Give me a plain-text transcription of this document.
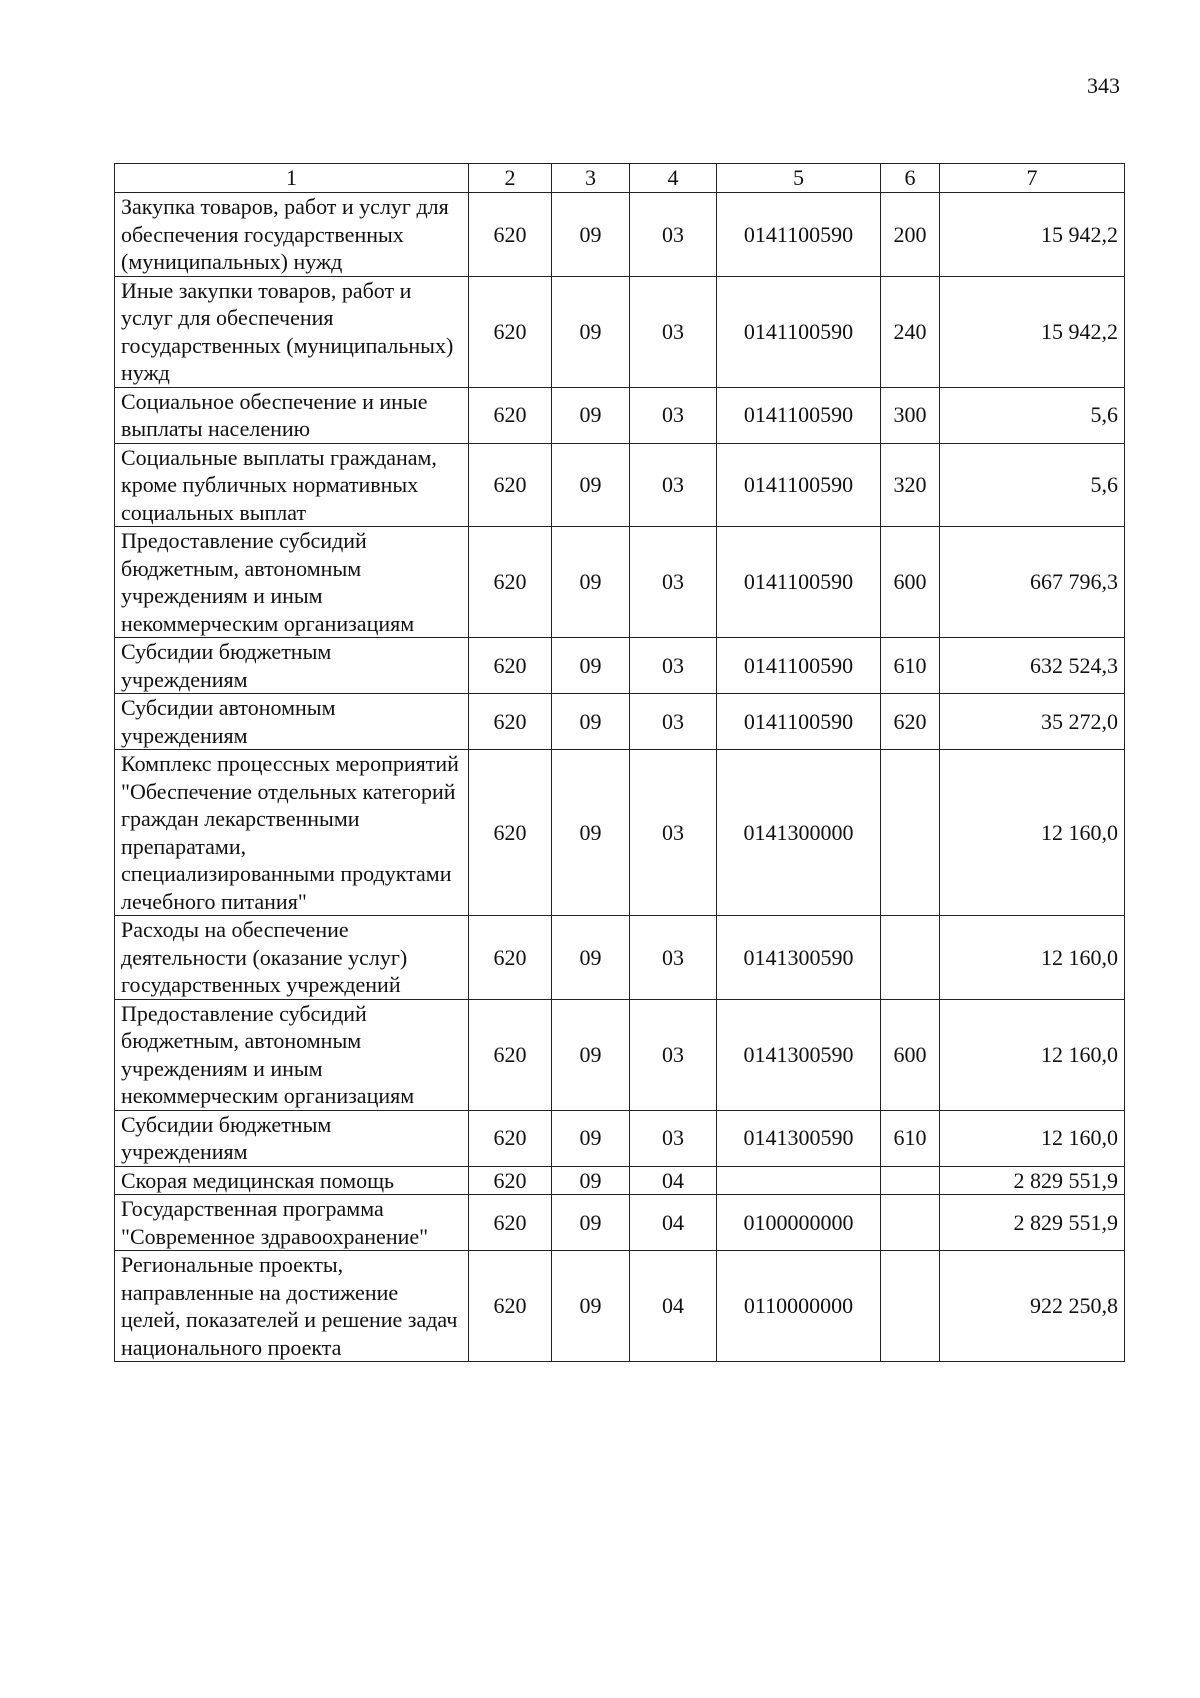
343
1	2	3	4	5	6	7
Закупка товаров, работ и услуг для обеспечения государственных (муниципальных) нужд	620	09	03	0141100590	200	15 942,2
Иные закупки товаров, работ и услуг для обеспечения государственных (муниципальных) нужд	620	09	03	0141100590	240	15 942,2
Социальное обеспечение и иные выплаты населению	620	09	03	0141100590	300	5,6
Социальные выплаты гражданам, кроме публичных нормативных социальных выплат	620	09	03	0141100590	320	5,6
Предоставление субсидий бюджетным, автономным учреждениям и иным некоммерческим организациям	620	09	03	0141100590	600	667 796,3
Субсидии бюджетным учреждениям	620	09	03	0141100590	610	632 524,3
Субсидии автономным учреждениям	620	09	03	0141100590	620	35 272,0
Комплекс процессных мероприятий "Обеспечение отдельных категорий граждан лекарственными препаратами, специализированными продуктами лечебного питания"	620	09	03	0141300000		12 160,0
Расходы на обеспечение деятельности (оказание услуг) государственных учреждений	620	09	03	0141300590		12 160,0
Предоставление субсидий бюджетным, автономным учреждениям и иным некоммерческим организациям	620	09	03	0141300590	600	12 160,0
Субсидии бюджетным учреждениям	620	09	03	0141300590	610	12 160,0
Скорая медицинская помощь	620	09	04			2 829 551,9
Государственная программа "Современное здравоохранение"	620	09	04	0100000000		2 829 551,9
Региональные проекты, направленные на достижение целей, показателей и решение задач национального проекта	620	09	04	0110000000		922 250,8
